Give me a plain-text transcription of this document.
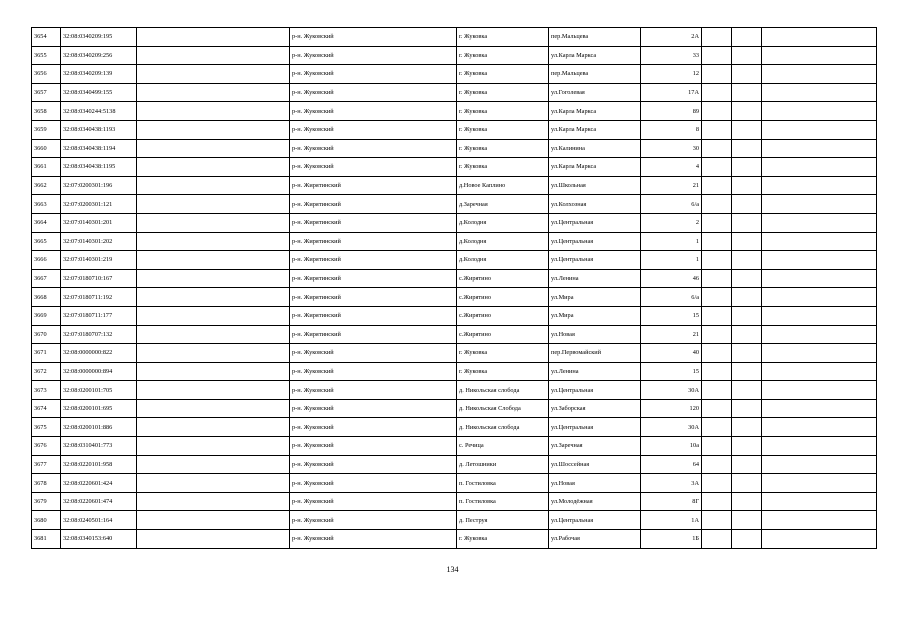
3654	32:08:0340209:195		р-н. Жуковский	г. Жуковка	пер.Мальцева	2А			
3655	32:08:0340209:256		р-н. Жуковский	г. Жуковка	ул.Карла Маркса	33			
3656	32:08:0340209:139		р-н. Жуковский	г. Жуковка	пер.Мальцева	12			
3657	32:08:0340499:155		р-н. Жуковский	г. Жуковка	ул.Гоголевая	17А			
3658	32:08:0340244:5138		р-н. Жуковский	г. Жуковка	ул.Карла Маркса	89			
3659	32:08:0340438:1193		р-н. Жуковский	г. Жуковка	ул.Карла Маркса	8			
3660	32:08:0340438:1194		р-н. Жуковский	г. Жуковка	ул.Калинина	30			
3661	32:08:0340438:1195		р-н. Жуковский	г. Жуковка	ул.Карла Маркса	4			
3662	32:07:0200301:196		р-н. Жирятинский	д.Новое Каплино	ул.Школьная	21			
3663	32:07:0200301:121		р-н. Жирятинский	д.Заречная	ул.Колхозная	6/а			
3664	32:07:0140301:201		р-н. Жирятинский	д.Колодня	ул.Центральная	2			
3665	32:07:0140301:202		р-н. Жирятинский	д.Колодня	ул.Центральная	1			
3666	32:07:0140301:219		р-н. Жирятинский	д.Колодня	ул.Центральная	1			
3667	32:07:0180710:167		р-н. Жирятинский	с.Жирятино	ул.Ленина	46			
3668	32:07:0180711:192		р-н. Жирятинский	с.Жирятино	ул.Мира	6/а			
3669	32:07:0180711:177		р-н. Жирятинский	с.Жирятино	ул.Мира	15			
3670	32:07:0180707:132		р-н. Жирятинский	с.Жирятино	ул.Новая	21			
3671	32:08:0000000:822		р-н. Жуковский	г. Жуковка	пер.Первомайский	40			
3672	32:08:0000000:894		р-н. Жуковский	г. Жуковка	ул.Ленина	15			
3673	32:08:0200101:705		р-н. Жуковский	д. Никольская слобода	ул.Центральная	30А			
3674	32:08:0200101:695		р-н. Жуковский	д. Никольская Слобода	ул.Заборская	120			
3675	32:08:0200101:886		р-н. Жуковский	д. Никольская слобода	ул.Центральная	30А			
3676	32:08:0310401:773		р-н. Жуковский	с. Речица	ул.Заречная	10а			
3677	32:08:0220101:958		р-н. Жуковский	д. Летошники	ул.Шоссейная	64			
3678	32:08:0220601:424		р-н. Жуковский	п. Гостиловка	ул.Новая	3А			
3679	32:08:0220601:474		р-н. Жуковский	п. Гостиловка	ул.Молодёжная	8Г			
3680	32:08:0240501:164		р-н. Жуковский	д. Пеструя	ул.Центральная	1А			
3681	32:08:0340153:640		р-н. Жуковский	г. Жуковка	ул.Рабочая	1Б			
134
